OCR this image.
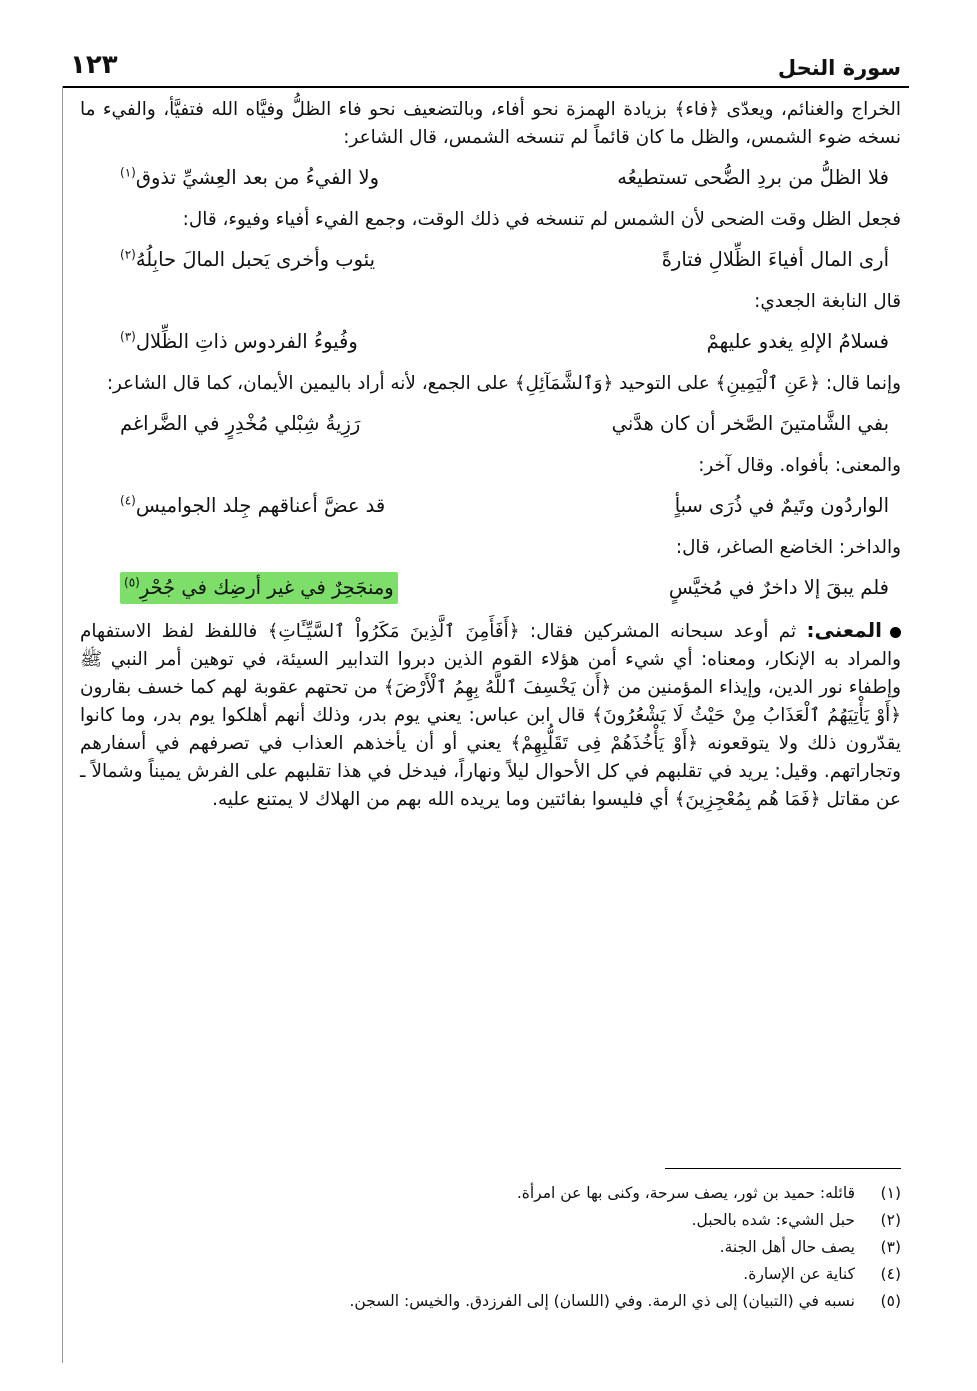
سورة النحل
١٢٣

الخراج والغنائم، ويعدّى ﴿فاء﴾ بزيادة الهمزة نحو أفاء، وبالتضعيف نحو فاء الظلُّ وفيَّاه الله فتفيَّأ، والفيء ما نسخه ضوء الشمس، والظل ما كان قائماً لم تنسخه الشمس، قال الشاعر:

فلا الظلُّ من بردِ الضُّحى تستطيعُه
ولا الفيءُ من بعد العِشيِّ تذوق$^{(١)}$

فجعل الظل وقت الضحى لأن الشمس لم تنسخه في ذلك الوقت، وجمع الفيء أفياء وفيوء، قال:

أرى المال أفياءَ الظِّلالِ فتارةً
يئوب وأخرى يَحبل المالَ حابِلُهُ$^{(٢)}$

قال النابغة الجعدي:

فسلامُ الإلهِ يغدو عليهمْ
وفُيوءُ الفردوس ذاتِ الظِّلال$^{(٣)}$

وإنما قال: ﴿عَنِ ٱلْيَمِينِ﴾ على التوحيد ﴿وَٱلشَّمَآئِلِ﴾ على الجمع، لأنه أراد باليمين الأيمان، كما قال الشاعر:

بفي الشَّامتينَ الصَّخر أن كان هدَّني
رَزِيةُ شِبْلي مُخْدِرٍ في الضَّراغم

والمعنى: بأفواه. وقال آخر:

الواردُون وتَيمٌ في ذُرَى سبأٍ
قد عضَّ أعناقهم جِلد الجواميس$^{(٤)}$

والداخر: الخاضع الصاغر، قال:

فلم يبقَ إلا داخرٌ في مُخيَّسٍ
ومنجَحِرٌ في غير أرضِك في جُحْرِ$^{(٥)}$

المعنى: ثم أوعد سبحانه المشركين فقال: ﴿أَفَأَمِنَ ٱلَّذِينَ مَكَرُواْ ٱلسَّيِّـَٔاتِ﴾ فاللفظ لفظ الاستفهام والمراد به الإنكار، ومعناه: أي شيء أمن هؤلاء القوم الذين دبروا التدابير السيئة، في توهين أمر النبي ﷺ وإطفاء نور الدين، وإيذاء المؤمنين من ﴿أَن يَخْسِفَ ٱللَّهُ بِهِمُ ٱلْأَرْضَ﴾ من تحتهم عقوبة لهم كما خسف بقارون ﴿أَوْ يَأْتِيَهُمُ ٱلْعَذَابُ مِنْ حَيْثُ لَا يَشْعُرُونَ﴾ قال ابن عباس: يعني يوم بدر، وذلك أنهم أهلكوا يوم بدر، وما كانوا يقدّرون ذلك ولا يتوقعونه ﴿أَوْ يَأْخُذَهُمْ فِى تَقَلُّبِهِمْ﴾ يعني أو أن يأخذهم العذاب في تصرفهم في أسفارهم وتجاراتهم. وقيل: يريد في تقلبهم في كل الأحوال ليلاً ونهاراً، فيدخل في هذا تقلبهم على الفرش يميناً وشمالاً ـ عن مقاتل ﴿فَمَا هُم بِمُعْجِزِينَ﴾ أي فليسوا بفائتين وما يريده الله بهم من الهلاك لا يمتنع عليه.

(١)
قائله: حميد بن ثور، يصف سرحة، وكنى بها عن امرأة.
(٢)
حبل الشيء: شده بالحبل.
(٣)
يصف حال أهل الجنة.
(٤)
كناية عن الإسارة.
(٥)
نسبه في (التبيان) إلى ذي الرمة. وفي (اللسان) إلى الفرزدق. والخيس: السجن.
